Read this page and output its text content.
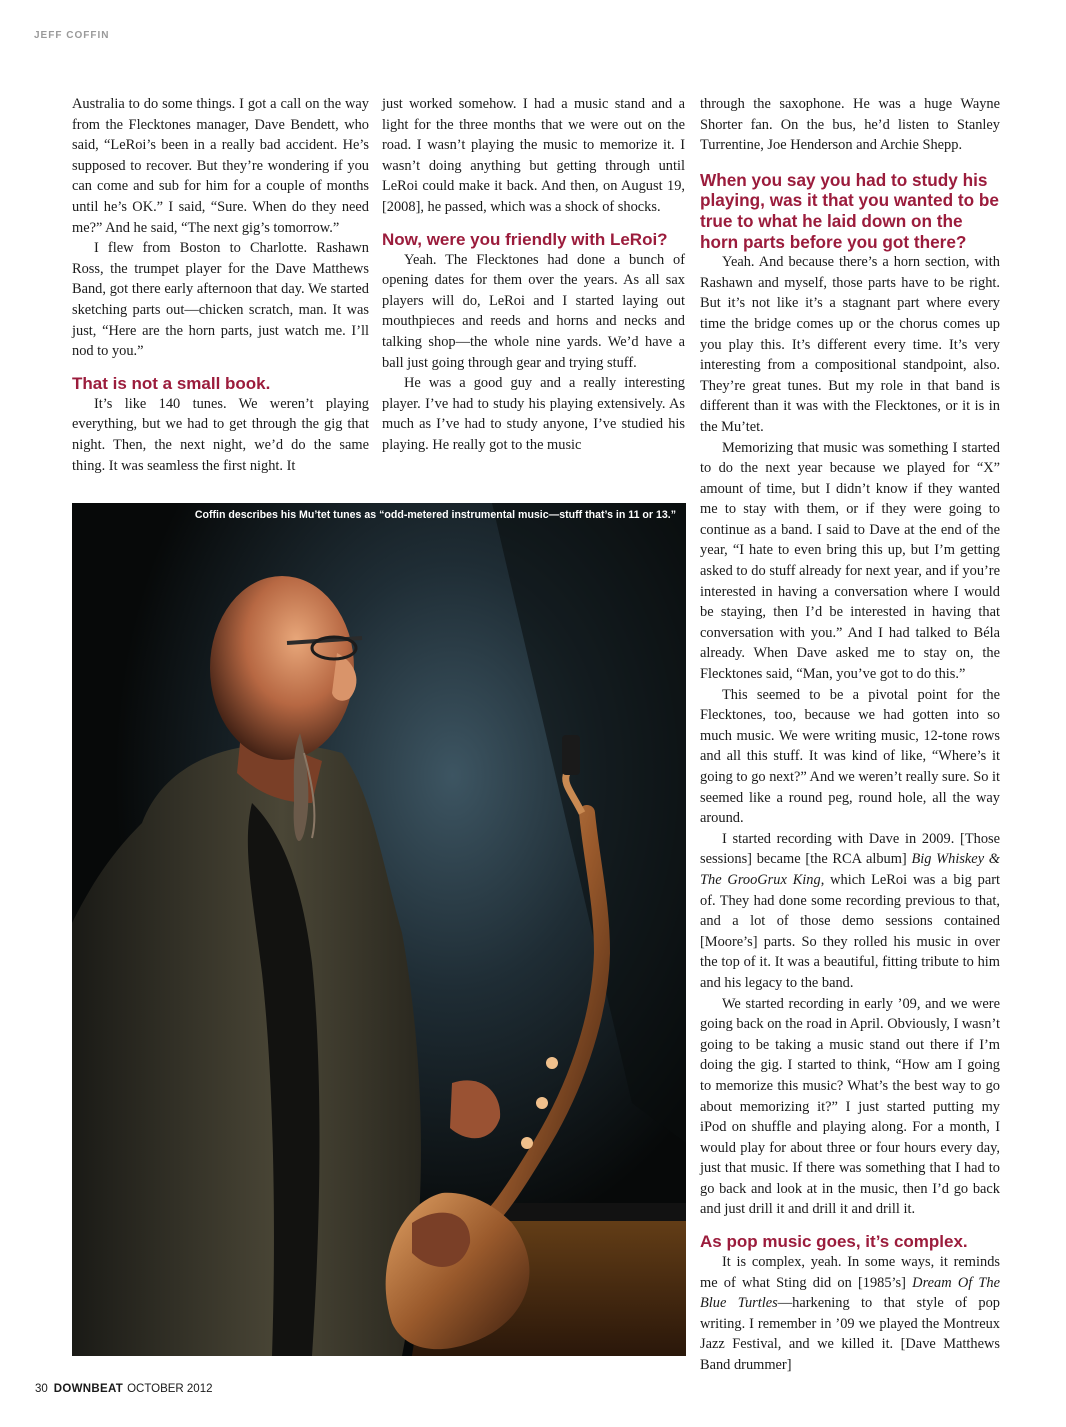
JEFF COFFIN

Australia to do some things. I got a call on the way from the Flecktones manager, Dave Bendett, who said, “LeRoi’s been in a really bad accident. He’s supposed to recover. But they’re wondering if you can come and sub for him for a couple of months until he’s OK.” I said, “Sure. When do they need me?” And he said, “The next gig’s tomorrow.”

I flew from Boston to Charlotte. Rashawn Ross, the trumpet player for the Dave Matthews Band, got there early afternoon that day. We started sketching parts out—chicken scratch, man. It was just, “Here are the horn parts, just watch me. I’ll nod to you.”

That is not a small book.

It’s like 140 tunes. We weren’t playing everything, but we had to get through the gig that night. Then, the next night, we’d do the same thing. It was seamless the first night. It

just worked somehow. I had a music stand and a light for the three months that we were out on the road. I wasn’t playing the music to memorize it. I wasn’t doing anything but getting through until LeRoi could make it back. And then, on August 19, [2008], he passed, which was a shock of shocks.

Now, were you friendly with LeRoi?

Yeah. The Flecktones had done a bunch of opening dates for them over the years. As all sax players will do, LeRoi and I started laying out mouthpieces and reeds and horns and necks and talking shop—the whole nine yards. We’d have a ball just going through gear and trying stuff.

He was a good guy and a really interesting player. I’ve had to study his playing extensively. As much as I’ve had to study anyone, I’ve studied his playing. He really got to the music

through the saxophone. He was a huge Wayne Shorter fan. On the bus, he’d listen to Stanley Turrentine, Joe Henderson and Archie Shepp.

When you say you had to study his playing, was it that you wanted to be true to what he laid down on the horn parts before you got there?

Yeah. And because there’s a horn section, with Rashawn and myself, those parts have to be right. But it’s not like it’s a stagnant part where every time the bridge comes up or the chorus comes up you play this. It’s different every time. It’s very interesting from a compositional standpoint, also. They’re great tunes. But my role in that band is different than it was with the Flecktones, or it is in the Mu’tet.

Memorizing that music was something I started to do the next year because we played for “X” amount of time, but I didn’t know if they wanted me to stay with them, or if they were going to continue as a band. I said to Dave at the end of the year, “I hate to even bring this up, but I’m getting asked to do stuff already for next year, and if you’re interested in having a conversation where I would be staying, then I’d be interested in having that conversation with you.” And I had talked to Béla already. When Dave asked me to stay on, the Flecktones said, “Man, you’ve got to do this.”

This seemed to be a pivotal point for the Flecktones, too, because we had gotten into so much music. We were writing music, 12-tone rows and all this stuff. It was kind of like, “Where’s it going to go next?” And we weren’t really sure. So it seemed like a round peg, round hole, all the way around.

I started recording with Dave in 2009. [Those sessions] became [the RCA album] Big Whiskey & The GrooGrux King, which LeRoi was a big part of. They had done some recording previous to that, and a lot of those demo sessions contained [Moore’s] parts. So they rolled his music in over the top of it. It was a beautiful, fitting tribute to him and his legacy to the band.

We started recording in early ’09, and we were going back on the road in April. Obviously, I wasn’t going to be taking a music stand out there if I’m doing the gig. I started to think, “How am I going to memorize this music? What’s the best way to go about memorizing it?” I just started putting my iPod on shuffle and playing along. For a month, I would play for about three or four hours every day, just that music. If there was something that I had to go back and look at in the music, then I’d go back and just drill it and drill it and drill it.

As pop music goes, it’s complex.

It is complex, yeah. In some ways, it reminds me of what Sting did on [1985’s] Dream Of The Blue Turtles—harkening to that style of pop writing. I remember in ’09 we played the Montreux Jazz Festival, and we killed it. [Dave Matthews Band drummer]

Coffin describes his Mu’tet tunes as “odd-metered instrumental music—stuff that’s in 11 or 13.”
30 DOWNBEAT OCTOBER 2012
